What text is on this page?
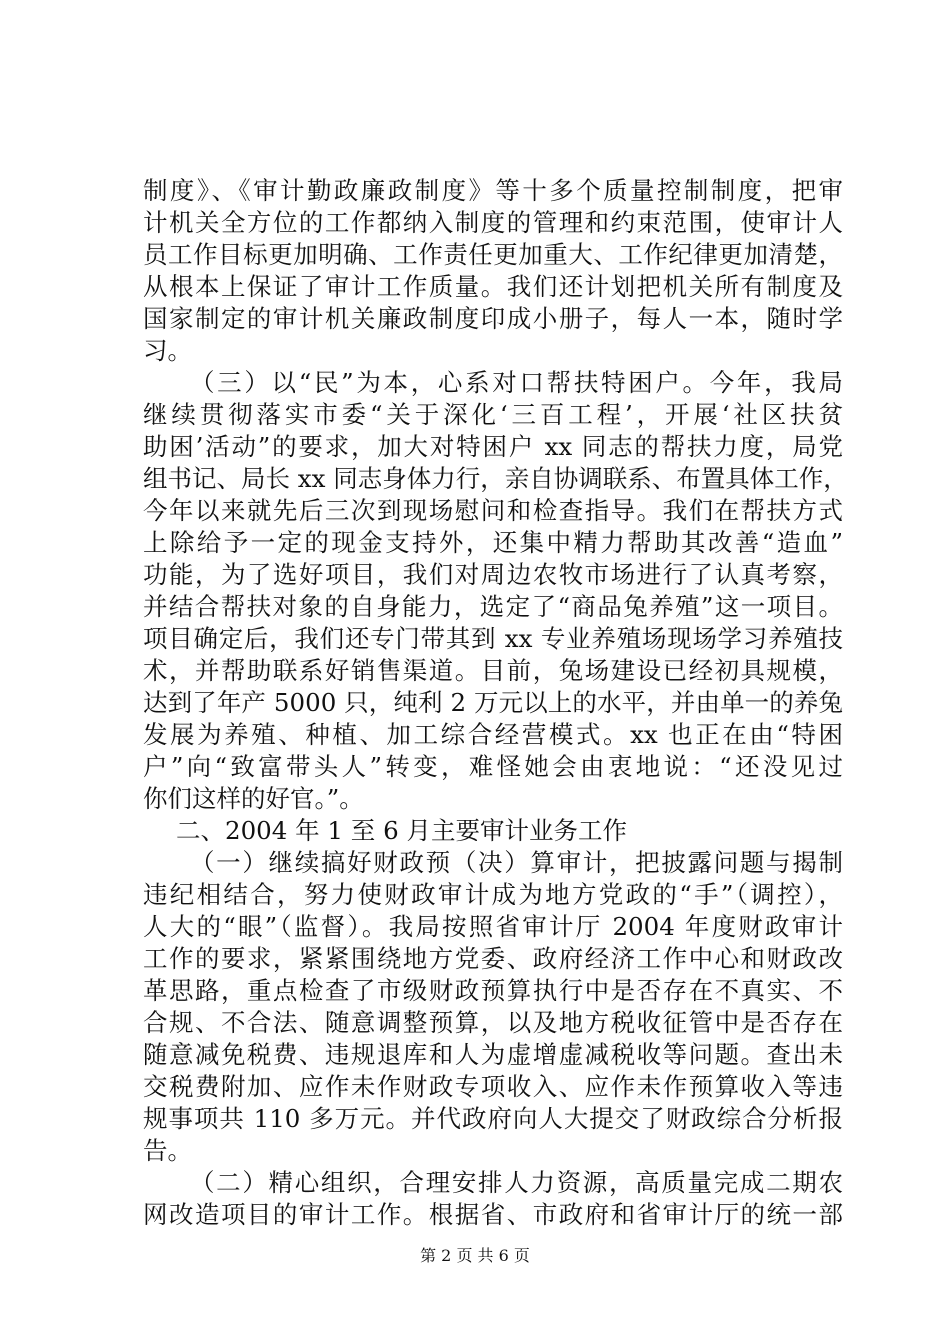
制度》、《审计勤政廉政制度》等十多个质量控制制度，把审
计机关全方位的工作都纳入制度的管理和约束范围，使审计人
员工作目标更加明确、工作责任更加重大、工作纪律更加清楚，
从根本上保证了审计工作质量。我们还计划把机关所有制度及
国家制定的审计机关廉政制度印成小册子，每人一本，随时学
习。
（三）以“民”为本，心系对口帮扶特困户。今年，我局
继续贯彻落实市委“关于深化‘三百工程’，开展‘社区扶贫
助困’活动”的要求，加大对特困户 xx 同志的帮扶力度，局党
组书记、局长 xx 同志身体力行，亲自协调联系、布置具体工作，
今年以来就先后三次到现场慰问和检查指导。我们在帮扶方式
上除给予一定的现金支持外，还集中精力帮助其改善“造血”
功能，为了选好项目，我们对周边农牧市场进行了认真考察，
并结合帮扶对象的自身能力，选定了“商品兔养殖”这一项目。
项目确定后，我们还专门带其到 xx 专业养殖场现场学习养殖技
术，并帮助联系好销售渠道。目前，兔场建设已经初具规模，
达到了年产 5000 只，纯利 2 万元以上的水平，并由单一的养兔
发展为养殖、种植、加工综合经营模式。xx 也正在由“特困
户”向“致富带头人”转变，难怪她会由衷地说：“还没见过
你们这样的好官。”。
二、2004 年 1 至 6 月主要审计业务工作
（一）继续搞好财政预（决）算审计，把披露问题与揭制
违纪相结合，努力使财政审计成为地方党政的“手”（调控），
人大的“眼”（监督）。我局按照省审计厅 2004 年度财政审计
工作的要求，紧紧围绕地方党委、政府经济工作中心和财政改
革思路，重点检查了市级财政预算执行中是否存在不真实、不
合规、不合法、随意调整预算，以及地方税收征管中是否存在
随意减免税费、违规退库和人为虚增虚减税收等问题。查出未
交税费附加、应作未作财政专项收入、应作未作预算收入等违
规事项共 110 多万元。并代政府向人大提交了财政综合分析报
告。
（二）精心组织，合理安排人力资源，高质量完成二期农
网改造项目的审计工作。根据省、市政府和省审计厅的统一部
第 2 页 共 6 页
